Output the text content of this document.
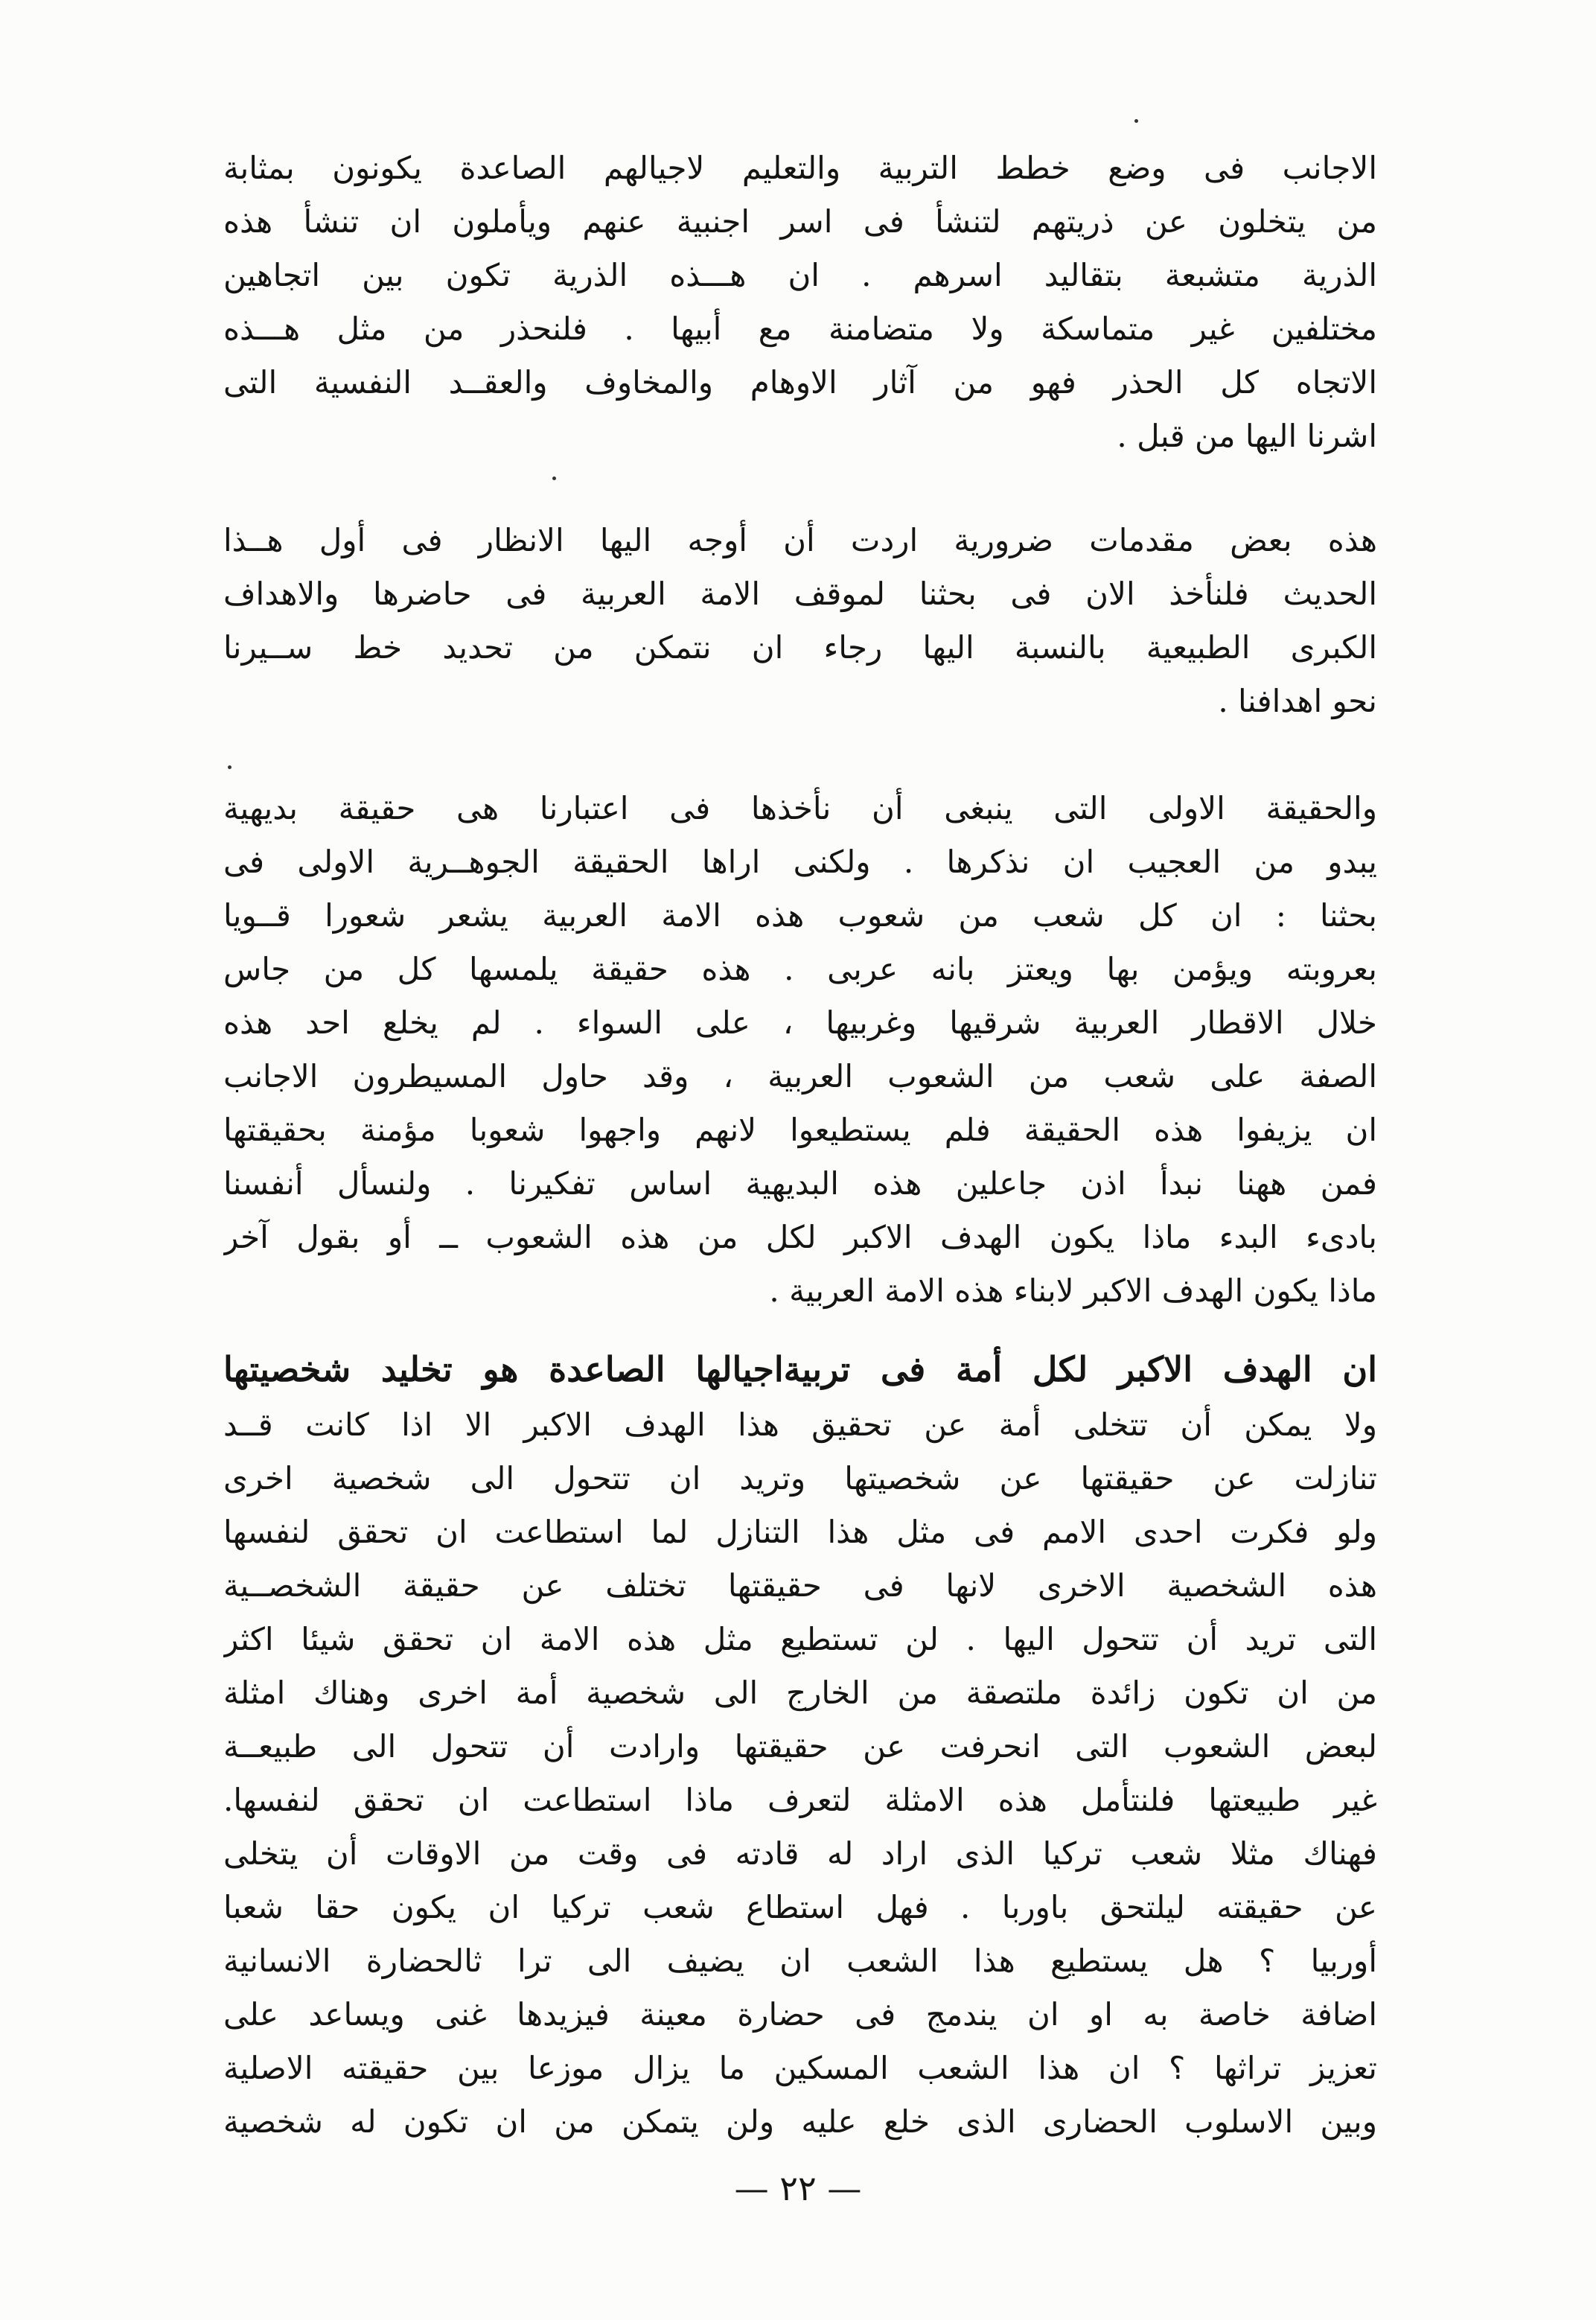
الاجانب فى وضع خطط التربية والتعليم لاجيالهم الصاعدة يكونون بمثابة
من يتخلون عن ذريتهم لتنشأ فى اسر اجنبية عنهم ويأملون ان تنشأ هذه
الذرية متشبعة بتقاليد اسرهم . ان هـــذه الذرية تكون بين اتجاهين
مختلفين غير متماسكة ولا متضامنة مع أبيها . فلنحذر من مثل هـــذه
الاتجاه كل الحذر فهو من آثار الاوهام والمخاوف والعقــد النفسية التى
اشرنا اليها من قبل .
هذه بعض مقدمات ضرورية اردت أن أوجه اليها الانظار فى أول هــذا
الحديث فلنأخذ الان فى بحثنا لموقف الامة العربية فى حاضرها والاهداف
الكبرى الطبيعية بالنسبة اليها رجاء ان نتمكن من تحديد خط ســيرنا
نحو اهدافنا .
والحقيقة الاولى التى ينبغى أن نأخذها فى اعتبارنا هى حقيقة بديهية
يبدو من العجيب ان نذكرها . ولكنى اراها الحقيقة الجوهــرية الاولى فى
بحثنا : ان كل شعب من شعوب هذه الامة العربية يشعر شعورا قــويا
بعروبته ويؤمن بها ويعتز بانه عربى . هذه حقيقة يلمسها كل من جاس
خلال الاقطار العربية شرقيها وغربيها ، على السواء . لم يخلع احد هذه
الصفة على شعب من الشعوب العربية ، وقد حاول المسيطرون الاجانب
ان يزيفوا هذه الحقيقة فلم يستطيعوا لانهم واجهوا شعوبا مؤمنة بحقيقتها
فمن ههنا نبدأ اذن جاعلين هذه البديهية اساس تفكيرنا . ولنسأل أنفسنا
بادىء البدء ماذا يكون الهدف الاكبر لكل من هذه الشعوب ــ أو بقول آخر
ماذا يكون الهدف الاكبر لابناء هذه الامة العربية .
ان الهدف الاكبر لكل أمة فى تربيةاجيالها الصاعدة هو تخليد شخصيتها
ولا يمكن أن تتخلى أمة عن تحقيق هذا الهدف الاكبر الا اذا كانت قــد
تنازلت عن حقيقتها عن شخصيتها وتريد ان تتحول الى شخصية اخرى
ولو فكرت احدى الامم فى مثل هذا التنازل لما استطاعت ان تحقق لنفسها
هذه الشخصية الاخرى لانها فى حقيقتها تختلف عن حقيقة الشخصــية
التى تريد أن تتحول اليها . لن تستطيع مثل هذه الامة ان تحقق شيئا اكثر
من ان تكون زائدة ملتصقة من الخارج الى شخصية أمة اخرى وهناك امثلة
لبعض الشعوب التى انحرفت عن حقيقتها وارادت أن تتحول الى طبيعــة
غير طبيعتها فلنتأمل هذه الامثلة لتعرف ماذا استطاعت ان تحقق لنفسها.
فهناك مثلا شعب تركيا الذى اراد له قادته فى وقت من الاوقات أن يتخلى
عن حقيقته ليلتحق باوربا . فهل استطاع شعب تركيا ان يكون حقا شعبا
أوربيا ؟ هل يستطيع هذا الشعب ان يضيف الى ترا ثالحضارة الانسانية
اضافة خاصة به او ان يندمج فى حضارة معينة فيزيدها غنى ويساعد على
تعزيز تراثها ؟ ان هذا الشعب المسكين ما يزال موزعا بين حقيقته الاصلية
وبين الاسلوب الحضارى الذى خلع عليه ولن يتمكن من ان تكون له شخصية
— ٢٢ —
